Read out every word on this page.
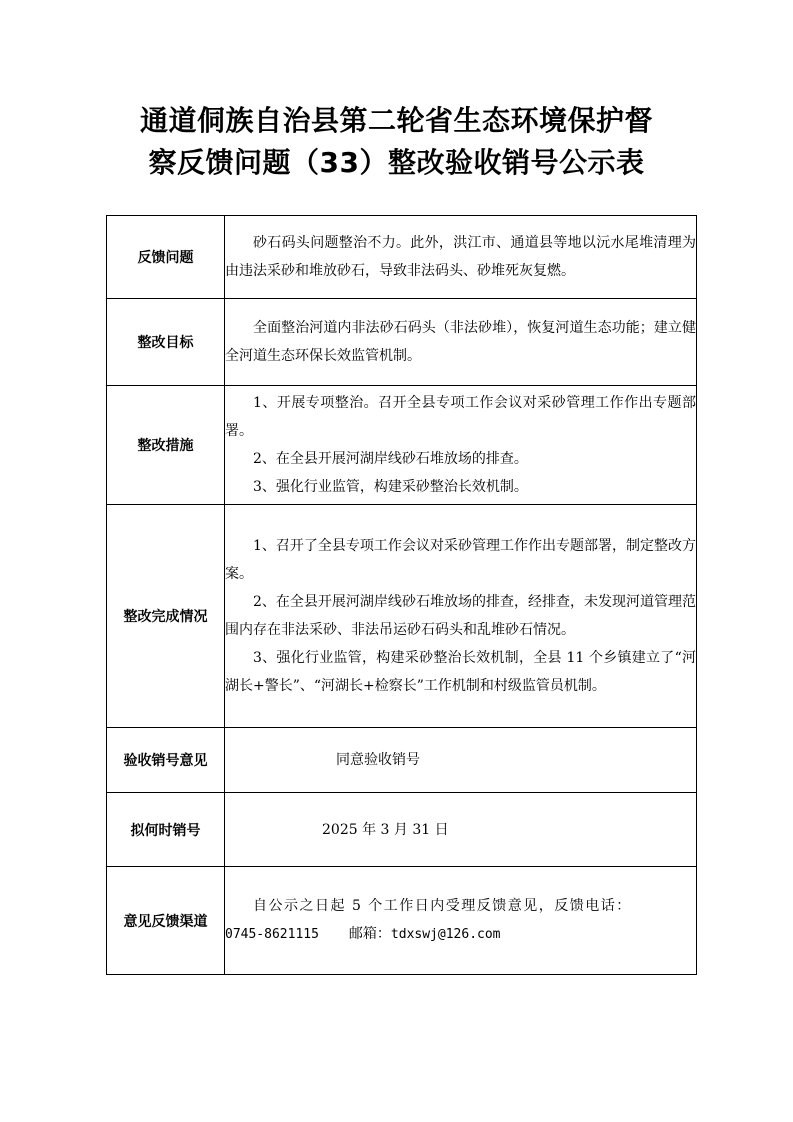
通道侗族自治县第二轮省生态环境保护督
察反馈问题（33）整改验收销号公示表
反馈问题	砂石码头问题整治不力。此外，洪江市、通道县等地以沅水尾堆清理为由违法采砂和堆放砂石，导致非法码头、砂堆死灰复燃。

整改目标	全面整治河道内非法砂石码头（非法砂堆），恢复河道生态功能；建立健全河道生态环保长效监管机制。

整改措施	1、开展专项整治。召开全县专项工作会议对采砂管理工作作出专题部署。

2、在全县开展河湖岸线砂石堆放场的排查。

3、强化行业监管，构建采砂整治长效机制。

整改完成情况	1、召开了全县专项工作会议对采砂管理工作作出专题部署，制定整改方案。

2、在全县开展河湖岸线砂石堆放场的排查，经排查，未发现河道管理范围内存在非法采砂、非法吊运砂石码头和乱堆砂石情况。

3、强化行业监管，构建采砂整治长效机制，全县 11 个乡镇建立了“河湖长+警长”、“河湖长+检察长”工作机制和村级监管员机制。

验收销号意见	同意验收销号
拟何时销号	2025 年 3 月 31 日
意见反馈渠道	自公示之日起 5 个工作日内受理反馈意见，反馈电话：

0745-8621115 邮箱：tdxswj@126.com
